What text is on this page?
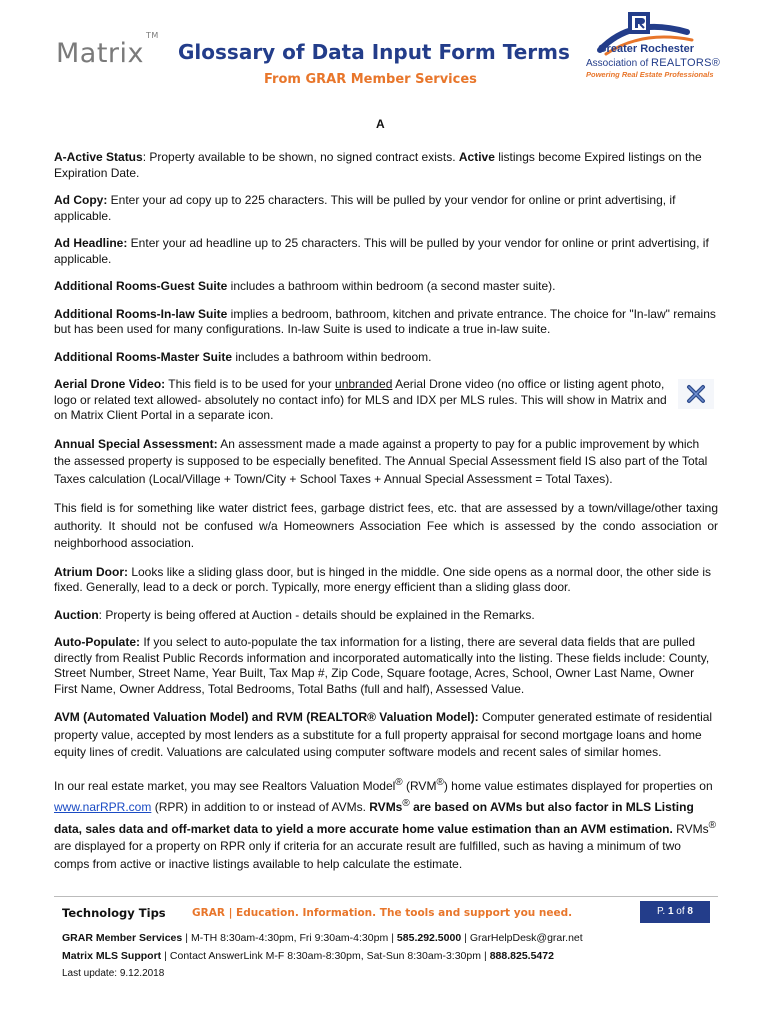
Matrix™
Glossary of Data Input Form Terms
From GRAR Member Services
Greater Rochester
Association of REALTORS®
Powering Real Estate Professionals
A

A-Active Status: Property available to be shown, no signed contract exists. Active listings become Expired listings on the Expiration Date.

Ad Copy: Enter your ad copy up to 225 characters. This will be pulled by your vendor for online or print advertising, if applicable.

Ad Headline: Enter your ad headline up to 25 characters. This will be pulled by your vendor for online or print advertising, if applicable.

Additional Rooms-Guest Suite includes a bathroom within bedroom (a second master suite).

Additional Rooms-In-law Suite implies a bedroom, bathroom, kitchen and private entrance. The choice for "In-law" remains but has been used for many configurations. In-law Suite is used to indicate a true in-law suite.

Additional Rooms-Master Suite includes a bathroom within bedroom.

Aerial Drone Video: This field is to be used for your unbranded Aerial Drone video (no office or listing agent photo, logo or related text allowed- absolutely no contact info) for MLS and IDX per MLS rules. This will show in Matrix and on Matrix Client Portal in a separate icon.

Annual Special Assessment: An assessment made a made against a property to pay for a public improvement by which the assessed property is supposed to be especially benefited. The Annual Special Assessment field IS also part of the Total Taxes calculation (Local/Village + Town/City + School Taxes + Annual Special Assessment = Total Taxes).

This field is for something like water district fees, garbage district fees, etc. that are assessed by a town/village/other taxing authority. It should not be confused w/a Homeowners Association Fee which is assessed by the condo association or neighborhood association.

Atrium Door: Looks like a sliding glass door, but is hinged in the middle. One side opens as a normal door, the other side is fixed. Generally, lead to a deck or porch. Typically, more energy efficient than a sliding glass door.

Auction: Property is being offered at Auction - details should be explained in the Remarks.

Auto-Populate: If you select to auto-populate the tax information for a listing, there are several data fields that are pulled directly from Realist Public Records information and incorporated automatically into the listing. These fields include: County, Street Number, Street Name, Year Built, Tax Map #, Zip Code, Square footage, Acres, School, Owner Last Name, Owner First Name, Owner Address, Total Bedrooms, Total Baths (full and half), Assessed Value.

AVM (Automated Valuation Model) and RVM (REALTOR® Valuation Model): Computer generated estimate of residential property value, accepted by most lenders as a substitute for a full property appraisal for second mortgage loans and home equity lines of credit. Valuations are calculated using computer software models and recent sales of similar homes.

In our real estate market, you may see Realtors Valuation Model® (RVM®) home value estimates displayed for properties on www.narRPR.com (RPR) in addition to or instead of AVMs. RVMs® are based on AVMs but also factor in MLS Listing data, sales data and off-market data to yield a more accurate home value estimation than an AVM estimation. RVMs® are displayed for a property on RPR only if criteria for an accurate result are fulfilled, such as having a minimum of two comps from active or inactive listings available to help calculate the estimate.

Technology Tips	GRAR | Education. Information. The tools and support you need.	P. 1 of 8
GRAR Member Services | M-TH 8:30am-4:30pm, Fri 9:30am-4:30pm | 585.292.5000 | GrarHelpDesk@grar.net
Matrix MLS Support | Contact AnswerLink M-F 8:30am-8:30pm, Sat-Sun 8:30am-3:30pm | 888.825.5472
Last update: 9.12.2018
